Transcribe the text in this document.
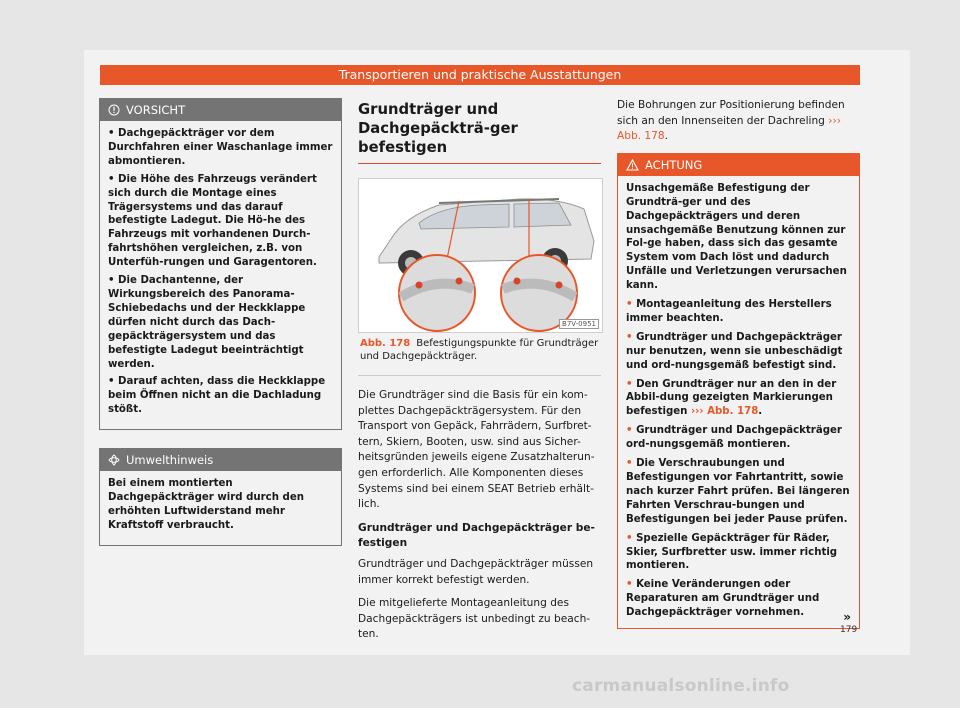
Transportieren und praktische Ausstattungen
VORSICHT

• Dachgepäckträger vor dem Durchfahren einer Waschanlage immer abmontieren.

• Die Höhe des Fahrzeugs verändert sich durch die Montage eines Trägersystems und das darauf befestigte Ladegut. Die Hö-he des Fahrzeugs mit vorhandenen Durch-fahrtshöhen vergleichen, z.B. von Unterfüh-rungen und Garagentoren.

• Die Dachantenne, der Wirkungsbereich des Panorama-Schiebedachs und der Heckklappe dürfen nicht durch das Dach-gepäckträgersystem und das befestigte Ladegut beeinträchtigt werden.

• Darauf achten, dass die Heckklappe beim Öffnen nicht an die Dachladung stößt.

Umwelthinweis

Bei einem montierten Dachgepäckträger wird durch den erhöhten Luftwiderstand mehr Kraftstoff verbraucht.

Grundträger und Dachgepäckträ-ger befestigen
B7V-0951
Abb. 178 Befestigungspunkte für Grundträger und Dachgepäckträger.

Die Grundträger sind die Basis für ein kom-plettes Dachgepäckträgersystem. Für den Transport von Gepäck, Fahrrädern, Surfbret-tern, Skiern, Booten, usw. sind aus Sicher-heitsgründen jeweils eigene Zusatzhalterun-gen erforderlich. Alle Komponenten dieses Systems sind bei einem SEAT Betrieb erhält-lich.

Grundträger und Dachgepäckträger be-festigen

Grundträger und Dachgepäckträger müssen immer korrekt befestigt werden.

Die mitgelieferte Montageanleitung des Dachgepäckträgers ist unbedingt zu beach-ten.

Die Bohrungen zur Positionierung befinden sich an den Innenseiten der Dachreling ››› Abb. 178.

ACHTUNG

Unsachgemäße Befestigung der Grundträ-ger und des Dachgepäckträgers und deren unsachgemäße Benutzung können zur Fol-ge haben, dass sich das gesamte System vom Dach löst und dadurch Unfälle und Verletzungen verursachen kann.

• Montageanleitung des Herstellers immer beachten.

• Grundträger und Dachgepäckträger nur benutzen, wenn sie unbeschädigt und ord-nungsgemäß befestigt sind.

• Den Grundträger nur an den in der Abbil-dung gezeigten Markierungen befestigen ››› Abb. 178.

• Grundträger und Dachgepäckträger ord-nungsgemäß montieren.

• Die Verschraubungen und Befestigungen vor Fahrtantritt, sowie nach kurzer Fahrt prüfen. Bei längeren Fahrten Verschrau-bungen und Befestigungen bei jeder Pause prüfen.

• Spezielle Gepäckträger für Räder, Skier, Surfbretter usw. immer richtig montieren.

• Keine Veränderungen oder Reparaturen am Grundträger und Dachgepäckträger vornehmen.	»
179
carmanualsonline.info
